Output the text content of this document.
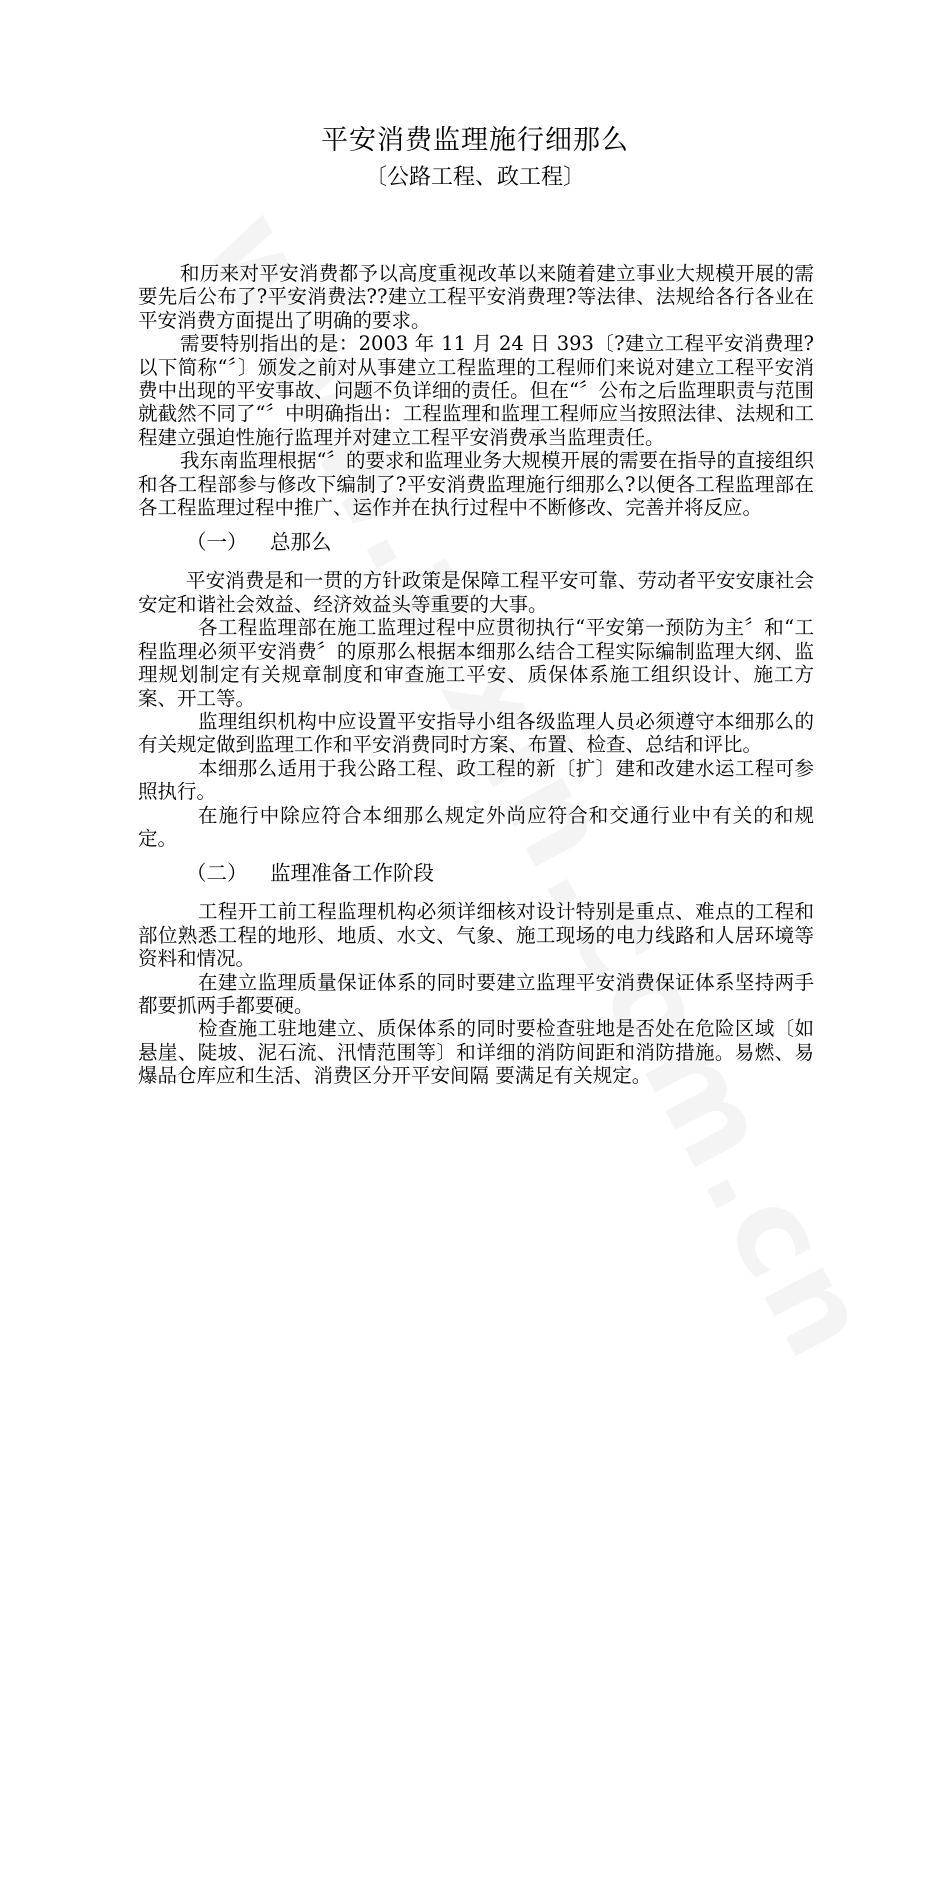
平安消费监理施行细那么
〔公路工程、政工程〕

和历来对平安消费都予以高度重视改革以来随着建立事业大规模开展的需要先后公布了?平安消费法??建立工程平安消费理?等法律、法规给各行各业在平安消费方面提出了明确的要求。

需要特别指出的是：2003 年 11 月 24 日 393〔?建立工程平安消费理?以下简称“〞〕颁发之前对从事建立工程监理的工程师们来说对建立工程平安消费中出现的平安事故、问题不负详细的责任。但在“〞公布之后监理职责与范围就截然不同了“〞中明确指出：工程监理和监理工程师应当按照法律、法规和工程建立强迫性施行监理并对建立工程平安消费承当监理责任。

我东南监理根据“〞的要求和监理业务大规模开展的需要在指导的直接组织和各工程部参与修改下编制了?平安消费监理施行细那么?以便各工程监理部在各工程监理过程中推广、运作并在执行过程中不断修改、完善并将反应。

（一） 总那么

平安消费是和一贯的方针政策是保障工程平安可靠、劳动者平安安康社会安定和谐社会效益、经济效益头等重要的大事。

各工程监理部在施工监理过程中应贯彻执行“平安第一预防为主〞和“工程监理必须平安消费〞的原那么根据本细那么结合工程实际编制监理大纲、监理规划制定有关规章制度和审查施工平安、质保体系施工组织设计、施工方案、开工等。

监理组织机构中应设置平安指导小组各级监理人员必须遵守本细那么的有关规定做到监理工作和平安消费同时方案、布置、检查、总结和评比。

本细那么适用于我公路工程、政工程的新〔扩〕建和改建水运工程可参照执行。

在施行中除应符合本细那么规定外尚应符合和交通行业中有关的和规定。

（二） 监理准备工作阶段

工程开工前工程监理机构必须详细核对设计特别是重点、难点的工程和部位熟悉工程的地形、地质、水文、气象、施工现场的电力线路和人居环境等资料和情况。

在建立监理质量保证体系的同时要建立监理平安消费保证体系坚持两手都要抓两手都要硬。

检查施工驻地建立、质保体系的同时要检查驻地是否处在危险区域〔如悬崖、陡坡、泥石流、汛情范围等〕和详细的消防间距和消防措施。易燃、易爆品仓库应和生活、消费区分开平安间隔 要满足有关规定。
